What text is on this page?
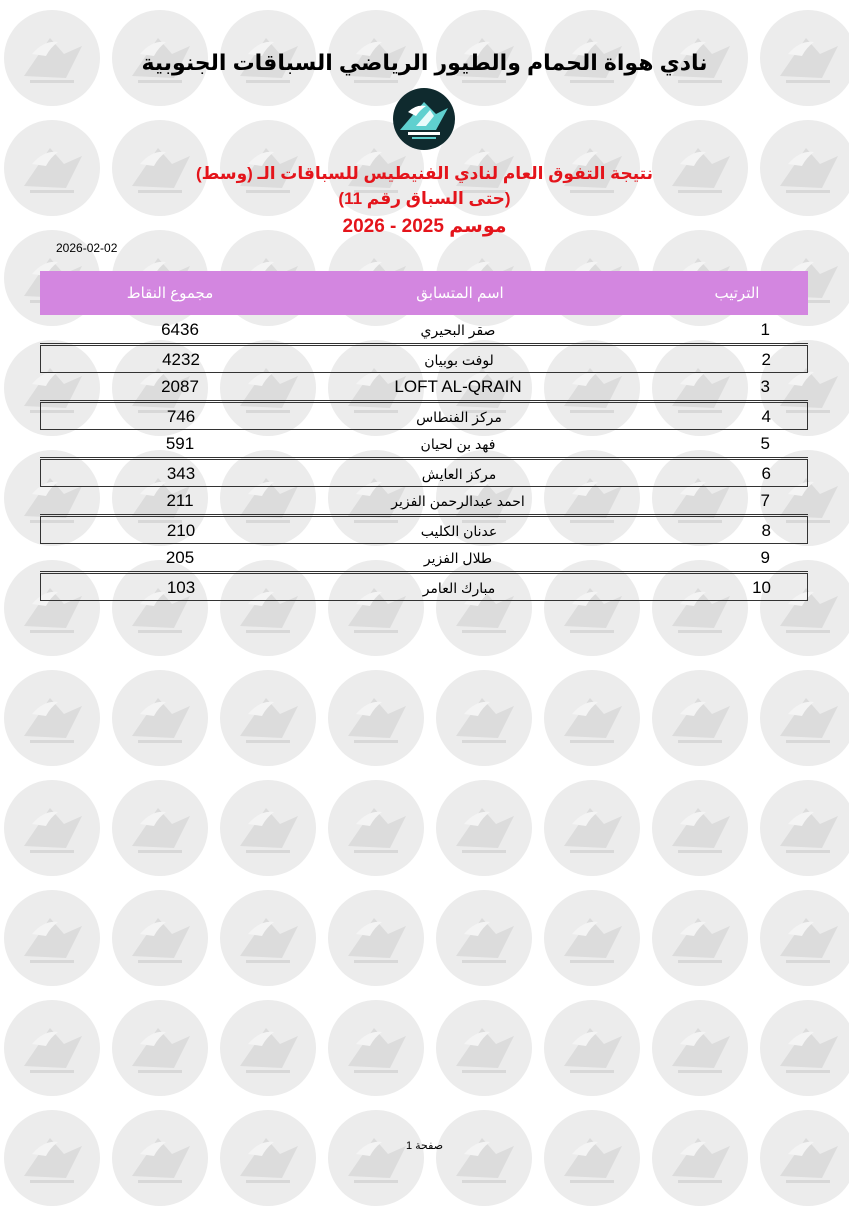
نادي هواة الحمام والطيور الرياضي السباقات الجنوبية
نتيجة التفوق العام لنادي الفنيطيس للسباقات الـ (وسط)
(حتى السباق رقم 11)
موسم 2025 - 2026
2026-02-02
الترتيب
اسم المتسابق
مجموع النقاط
1
صقر البحيري
6436
2
لوفت بوبيان
4232
3
LOFT AL-QRAIN
2087
4
مركز الفنطاس
746
5
فهد بن لحيان
591
6
مركز العايش
343
7
احمد عبدالرحمن الفزير
211
8
عدنان الكليب
210
9
طلال الفزير
205
10
مبارك العامر
103
صفحة 1
